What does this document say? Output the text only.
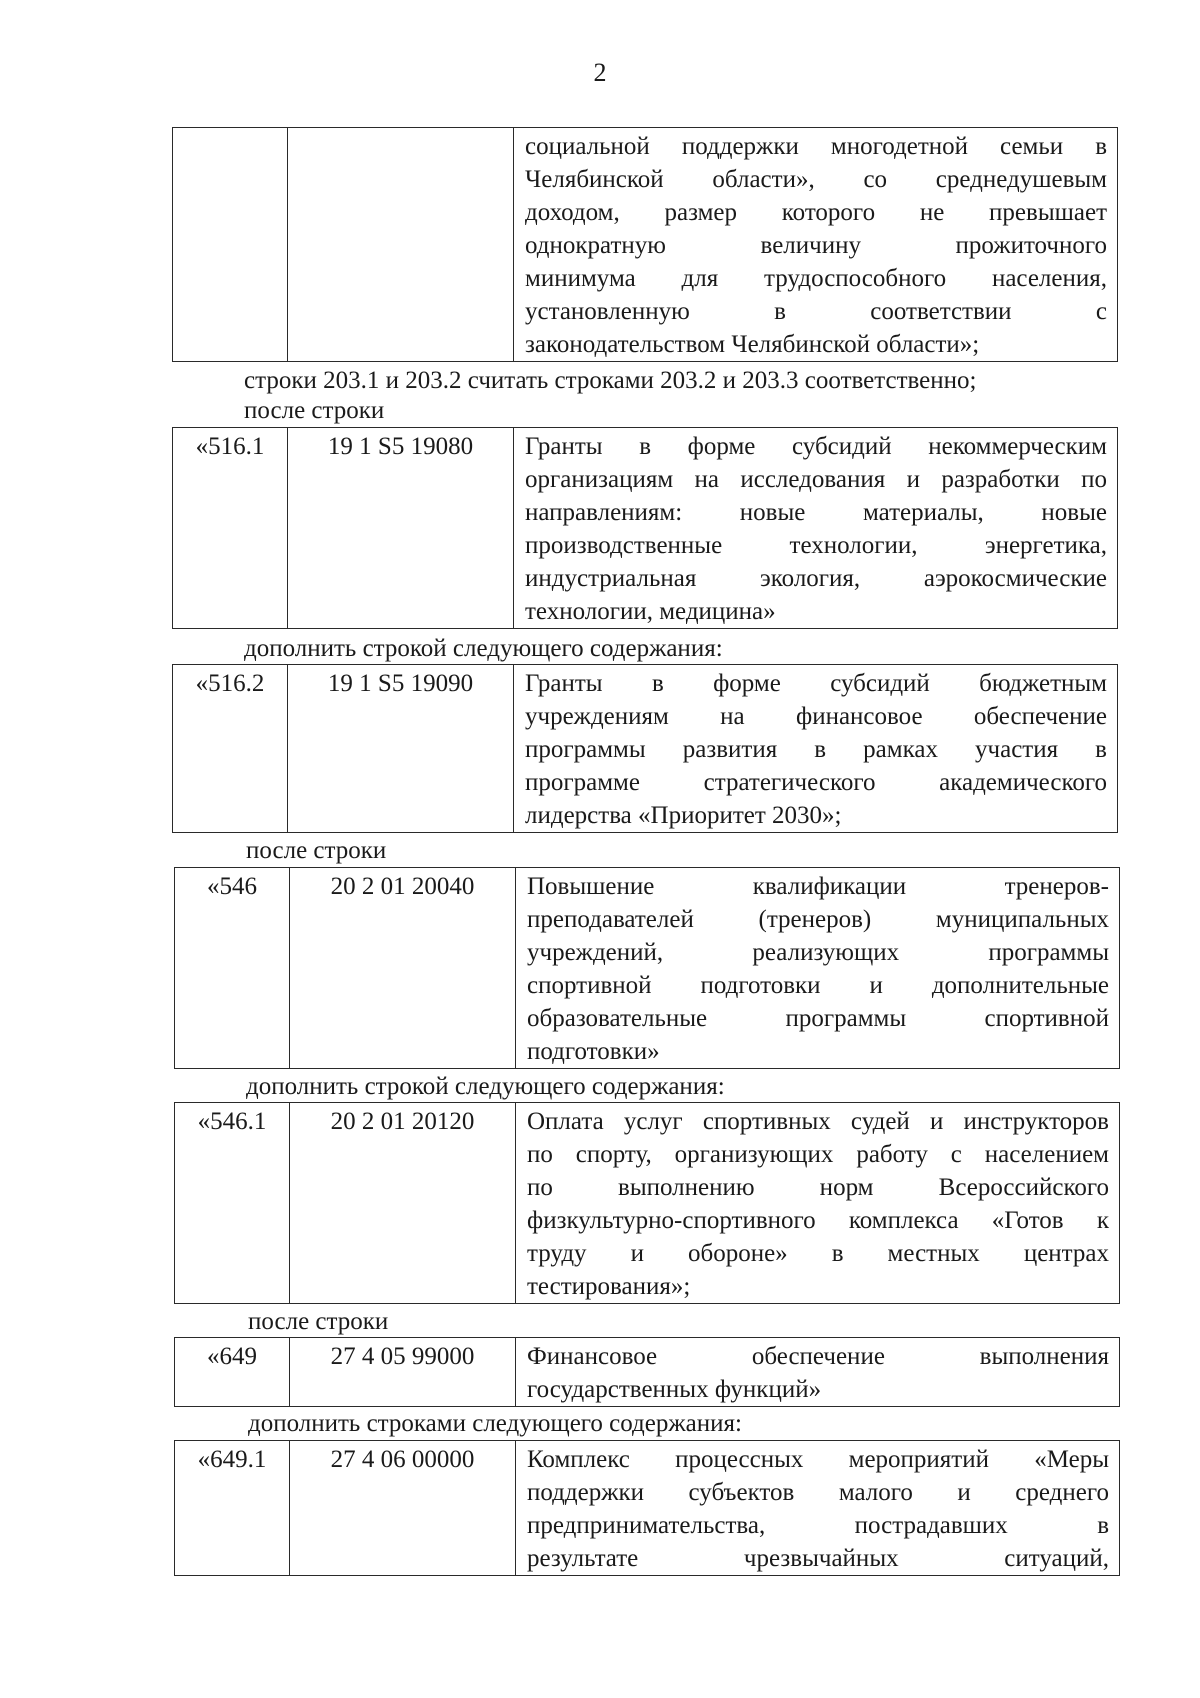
2

социальной поддержки многодетной семьи в
Челябинской области», со среднедушевым
доходом, размер которого не превышает
однократную величину прожиточного
минимума для трудоспособного населения,
установленную в соответствии с
законодательством Челябинской области»;
строки 203.1 и 203.2 считать строками 203.2 и 203.3 соответственно;
после строки
«516.1	19 1 S5 19080	Гранты в форме субсидий некоммерческим
организациям на исследования и разработки по
направлениям: новые материалы, новые
производственные технологии, энергетика,
индустриальная экология, аэрокосмические
технологии, медицина»
дополнить строкой следующего содержания:
«516.2	19 1 S5 19090	Гранты в форме субсидий бюджетным
учреждениям на финансовое обеспечение
программы развития в рамках участия в
программе стратегического академического
лидерства «Приоритет 2030»;
после строки
«546	20 2 01 20040	Повышение квалификации тренеров-
преподавателей (тренеров) муниципальных
учреждений, реализующих программы
спортивной подготовки и дополнительные
образовательные программы спортивной
подготовки»
дополнить строкой следующего содержания:
«546.1	20 2 01 20120	Оплата услуг спортивных судей и инструкторов
по спорту, организующих работу с населением
по выполнению норм Всероссийского
физкультурно-спортивного комплекса «Готов к
труду и обороне» в местных центрах
тестирования»;
после строки
«649	27 4 05 99000	Финансовое обеспечение выполнения
государственных функций»
дополнить строками следующего содержания:
«649.1	27 4 06 00000	Комплекс процессных мероприятий «Меры
поддержки субъектов малого и среднего
предпринимательства, пострадавших в
результате чрезвычайных ситуаций,
